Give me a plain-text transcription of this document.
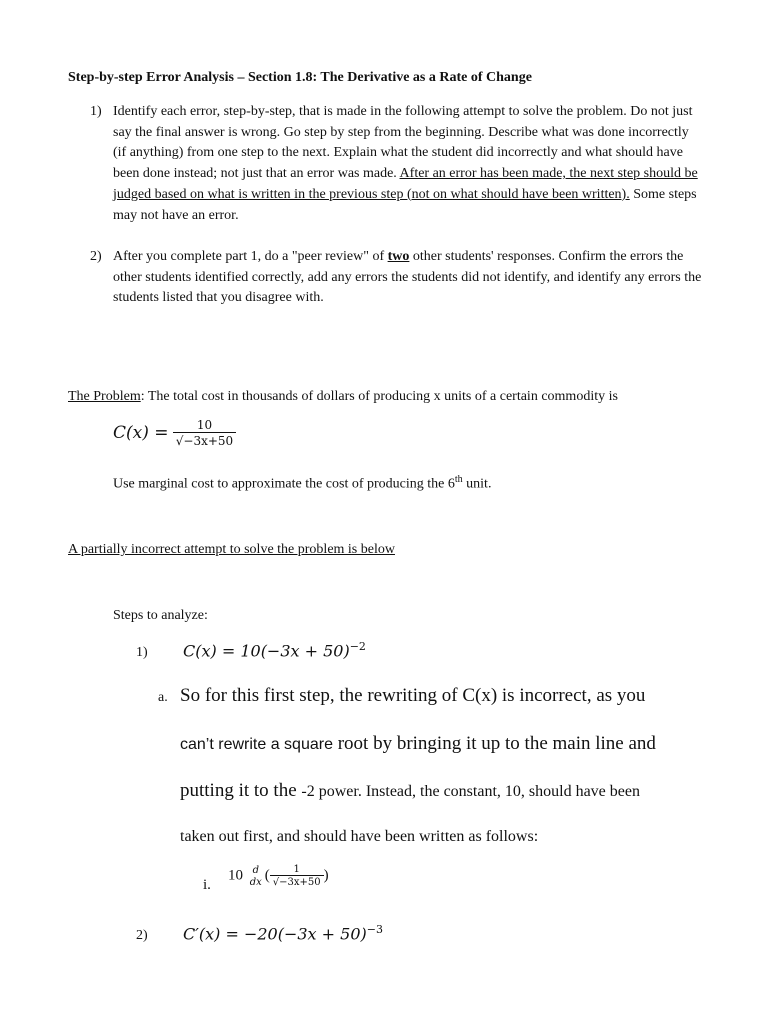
Step-by-step Error Analysis – Section 1.8: The Derivative as a Rate of Change
1) Identify each error, step-by-step, that is made in the following attempt to solve the problem. Do not just say the final answer is wrong. Go step by step from the beginning. Describe what was done incorrectly (if anything) from one step to the next. Explain what the student did incorrectly and what should have been done instead; not just that an error was made. After an error has been made, the next step should be judged based on what is written in the previous step (not on what should have been written). Some steps may not have an error.
2) After you complete part 1, do a "peer review" of two other students' responses. Confirm the errors the other students identified correctly, add any errors the students did not identify, and identify any errors the students listed that you disagree with.
The Problem: The total cost in thousands of dollars of producing x units of a certain commodity is
$C(x) = \frac{10}{√-3x+50}$
Use marginal cost to approximate the cost of producing the 6th unit.
A partially incorrect attempt to solve the problem is below
Steps to analyze:
1) $C(x) = 10(-3x + 50)^{-2}$
a. So for this first step, the rewriting of C(x) is incorrect, as you
can’t rewrite a square root by bringing it up to the main line and
putting it to the -2 power. Instead, the constant, 10, should have been
taken out first, and should have been written as follows:
i.
10 d
dx ( $\frac{1}{√-3x+50}$ )
2) $C'(x) = -20(-3x + 50)^{-3}$
